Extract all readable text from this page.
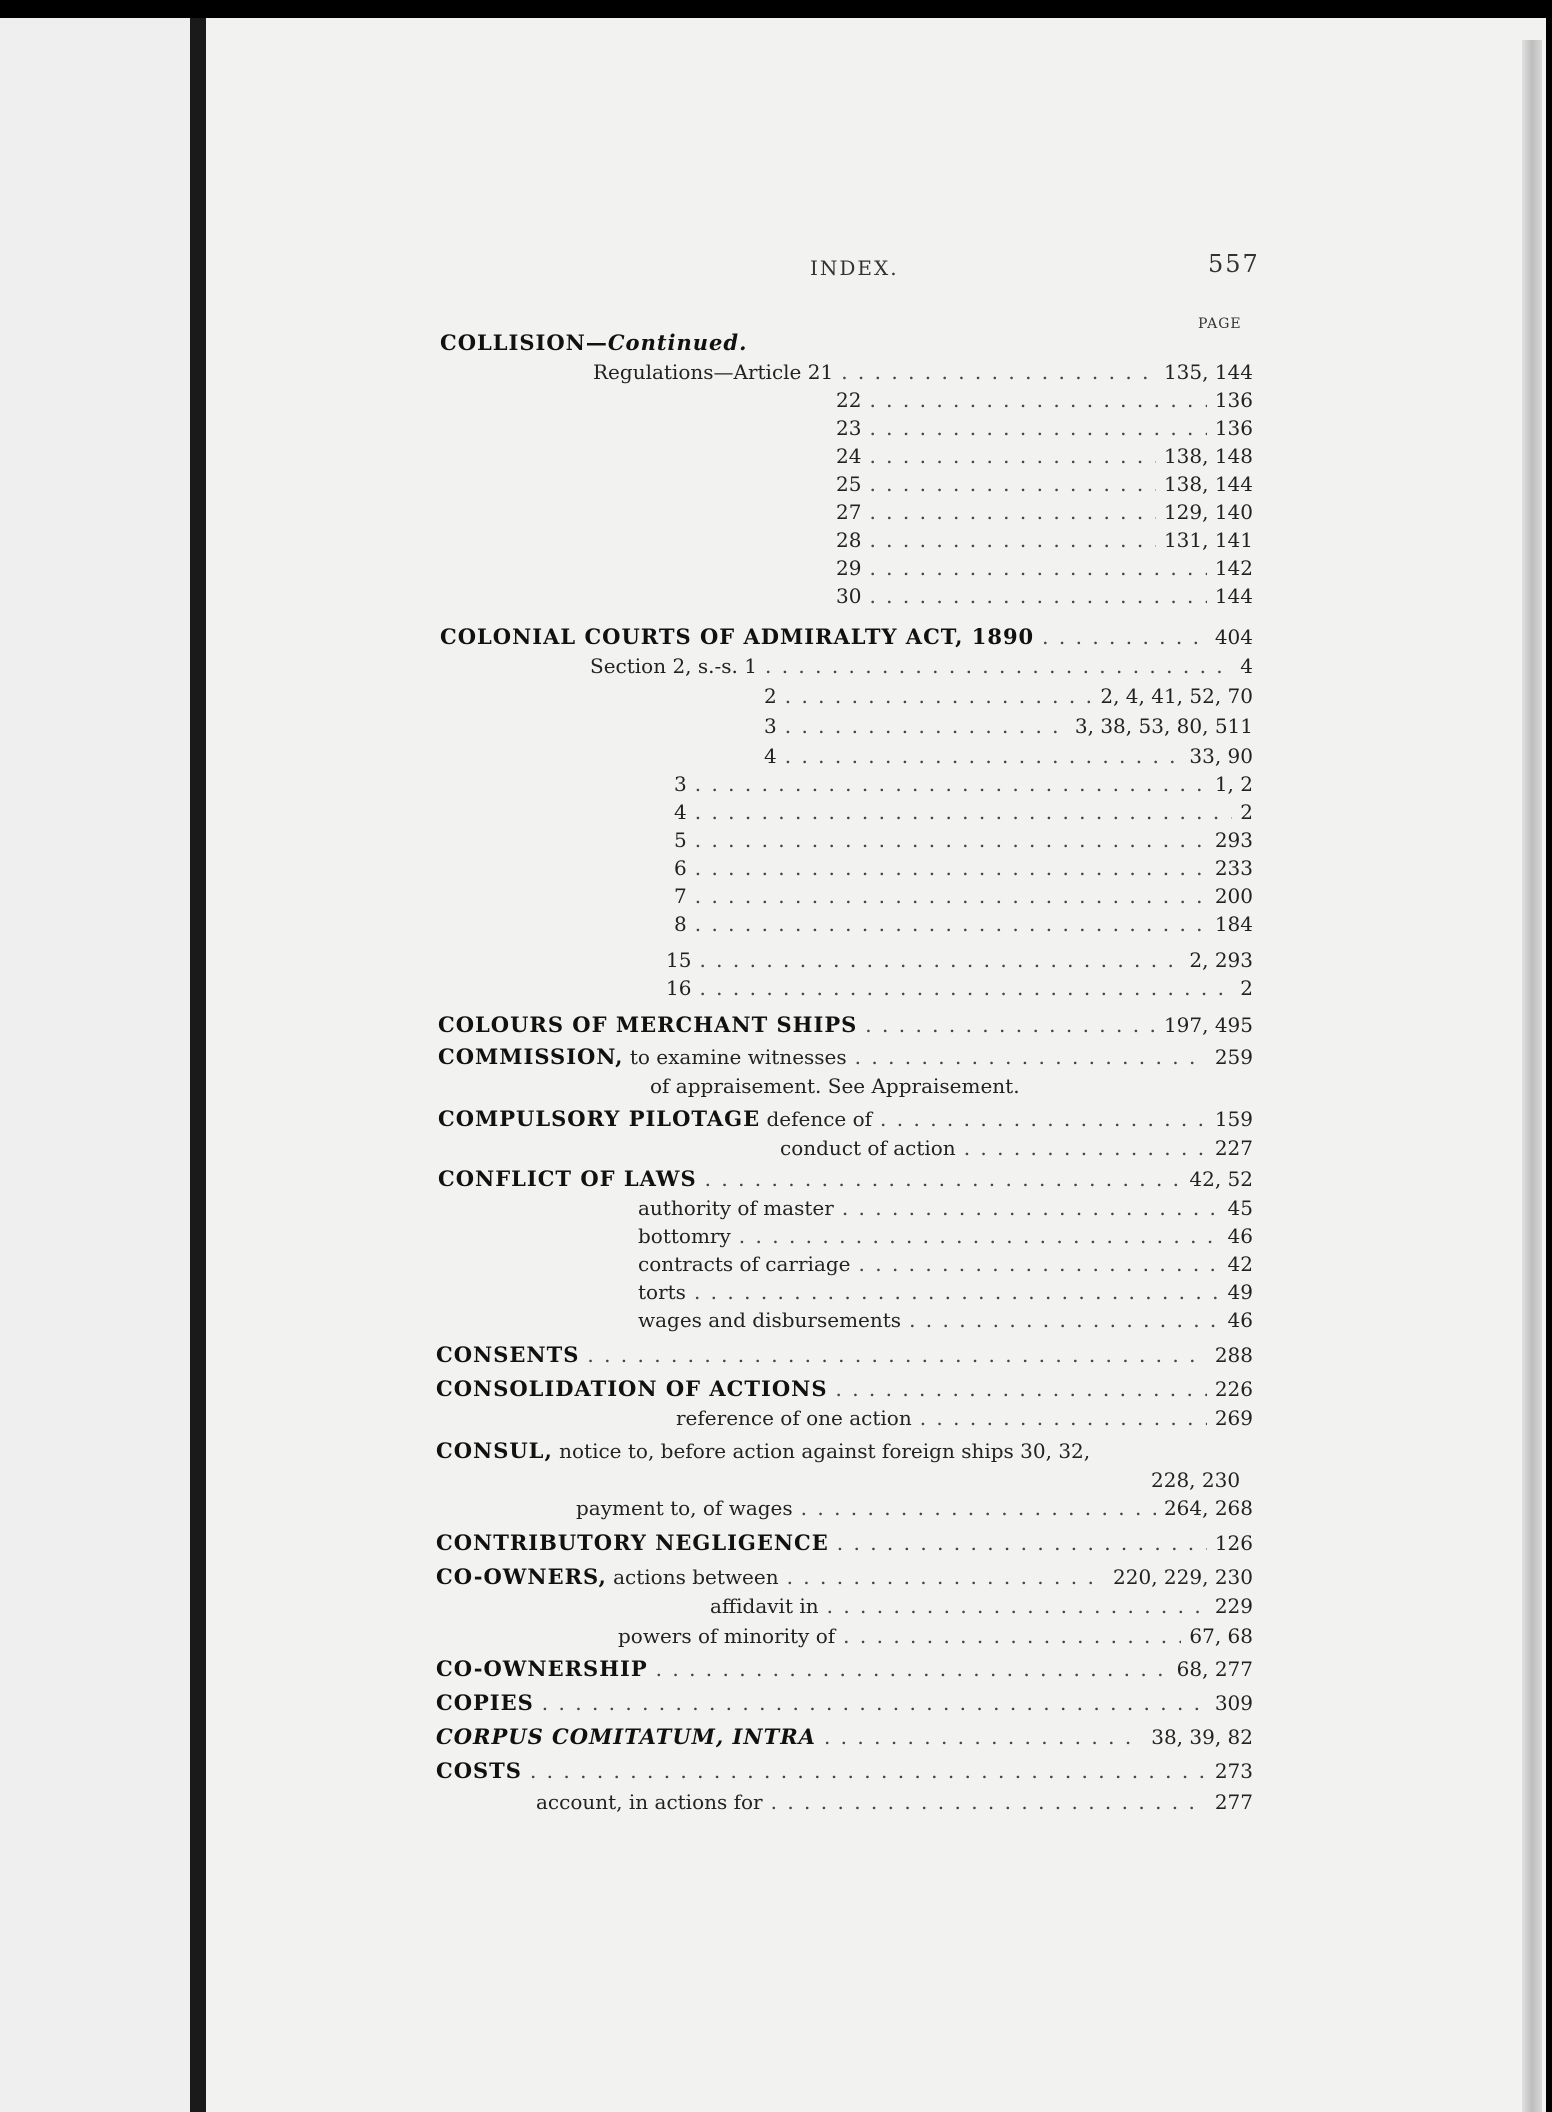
INDEX.	557
PAGE
COLLISION—Continued.
Regulations—Article 21 . . .	135, 144
22 . . .	136
23 . . .	136
24 . . .	138, 148
25 . . .	138, 144
27 . . .	129, 140
28 . . .	131, 141
29 . . .	142
30 . . .	144
COLONIAL COURTS OF ADMIRALTY ACT, 1890 . . .	404
Section 2, s.-s. 1 . . .	4
2 . . .	2, 4, 41, 52, 70
3 . . .	3, 38, 53, 80, 511
4 . . .	33, 90
3 . . .	1, 2
4 . . .	2
5 . . .	293
6 . . .	233
7 . . .	200
8 . . .	184
15 . . .	2, 293
16 . . .	2
COLOURS OF MERCHANT SHIPS . . .	197, 495
COMMISSION, to examine witnesses . . .	259
of appraisement. See Appraisement.
COMPULSORY PILOTAGE defence of . . .	159
conduct of action . . .	227
CONFLICT OF LAWS . . .	42, 52
authority of master . . .	45
bottomry . . .	46
contracts of carriage . . .	42
torts . . .	49
wages and disbursements . . .	46
CONSENTS . . .	288
CONSOLIDATION OF ACTIONS . . .	226
reference of one action . . .	269
CONSUL, notice to, before action against foreign ships 30, 32,
228, 230
payment to, of wages . . .	264, 268
CONTRIBUTORY NEGLIGENCE . . .	126
CO-OWNERS, actions between . . .	220, 229, 230
affidavit in . . .	229
powers of minority of . . .	67, 68
CO-OWNERSHIP . . .	68, 277
COPIES . . .	309
CORPUS COMITATUM, INTRA . . .	38, 39, 82
COSTS . . .	273
account, in actions for . . .	277
